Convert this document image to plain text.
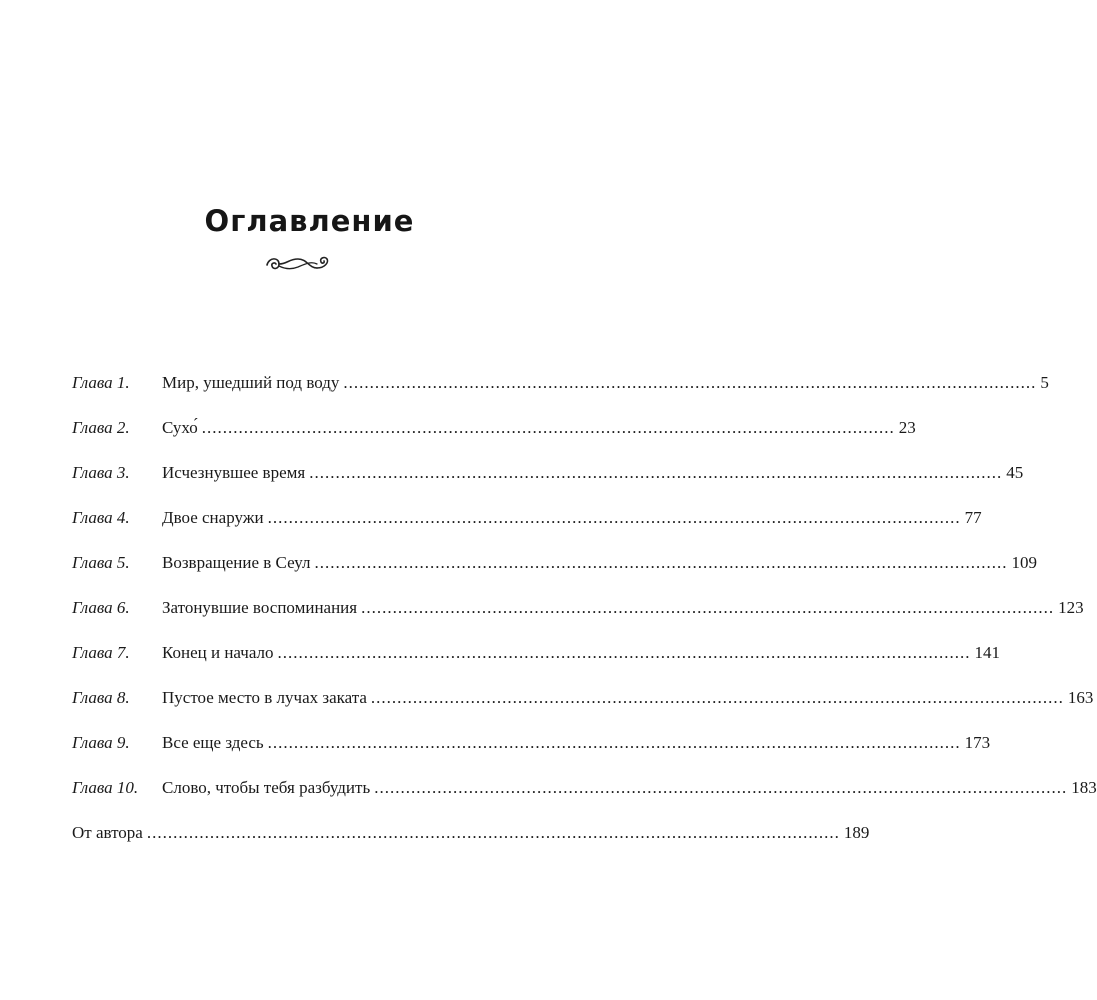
Оглавление
Глава 1.	Мир, ушедший под воду .................................................................................................................................... 5
Глава 2.	Сухо́ .................................................................................................................................... 23
Глава 3.	Исчезнувшее время .................................................................................................................................... 45
Глава 4.	Двое снаружи .................................................................................................................................... 77
Глава 5.	Возвращение в Сеул .................................................................................................................................... 109
Глава 6.	Затонувшие воспоминания .................................................................................................................................... 123
Глава 7.	Конец и начало .................................................................................................................................... 141
Глава 8.	Пустое место в лучах заката .................................................................................................................................... 163
Глава 9.	Все еще здесь .................................................................................................................................... 173
Глава 10.	Слово, чтобы тебя разбудить .................................................................................................................................... 183
От автора .................................................................................................................................... 189
